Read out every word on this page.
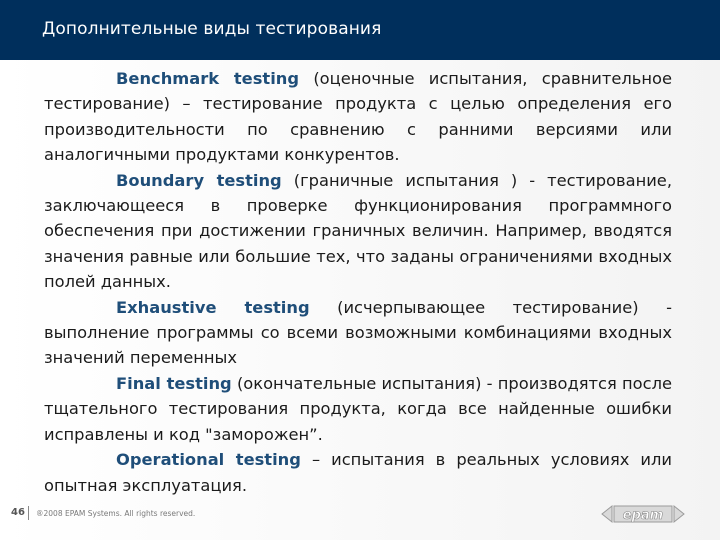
Дополнительные виды тестирования

Benchmark testing (оценочные испытания, сравнительное тестирование) – тестирование продукта с целью определения его производительности по сравнению с ранними версиями или аналогичными продуктами конкурентов.

Boundary testing (граничные испытания ) - тестирование, заключающееся в проверке функционирования программного обеспечения при достижении граничных величин. Например, вводятся значения равные или большие тех, что заданы ограничениями входных полей данных.

Exhaustive testing (исчерпывающее тестирование) - выполнение программы со всеми возможными комбинациями входных значений переменных

Final testing (окончательные испытания) - производятся после тщательного тестирования продукта, когда все найденные ошибки исправлены и код "заморожен”.

Operational testing – испытания в реальных условиях или опытная эксплуатация.

46 ®2008 EPAM Systems. All rights reserved.	epam
